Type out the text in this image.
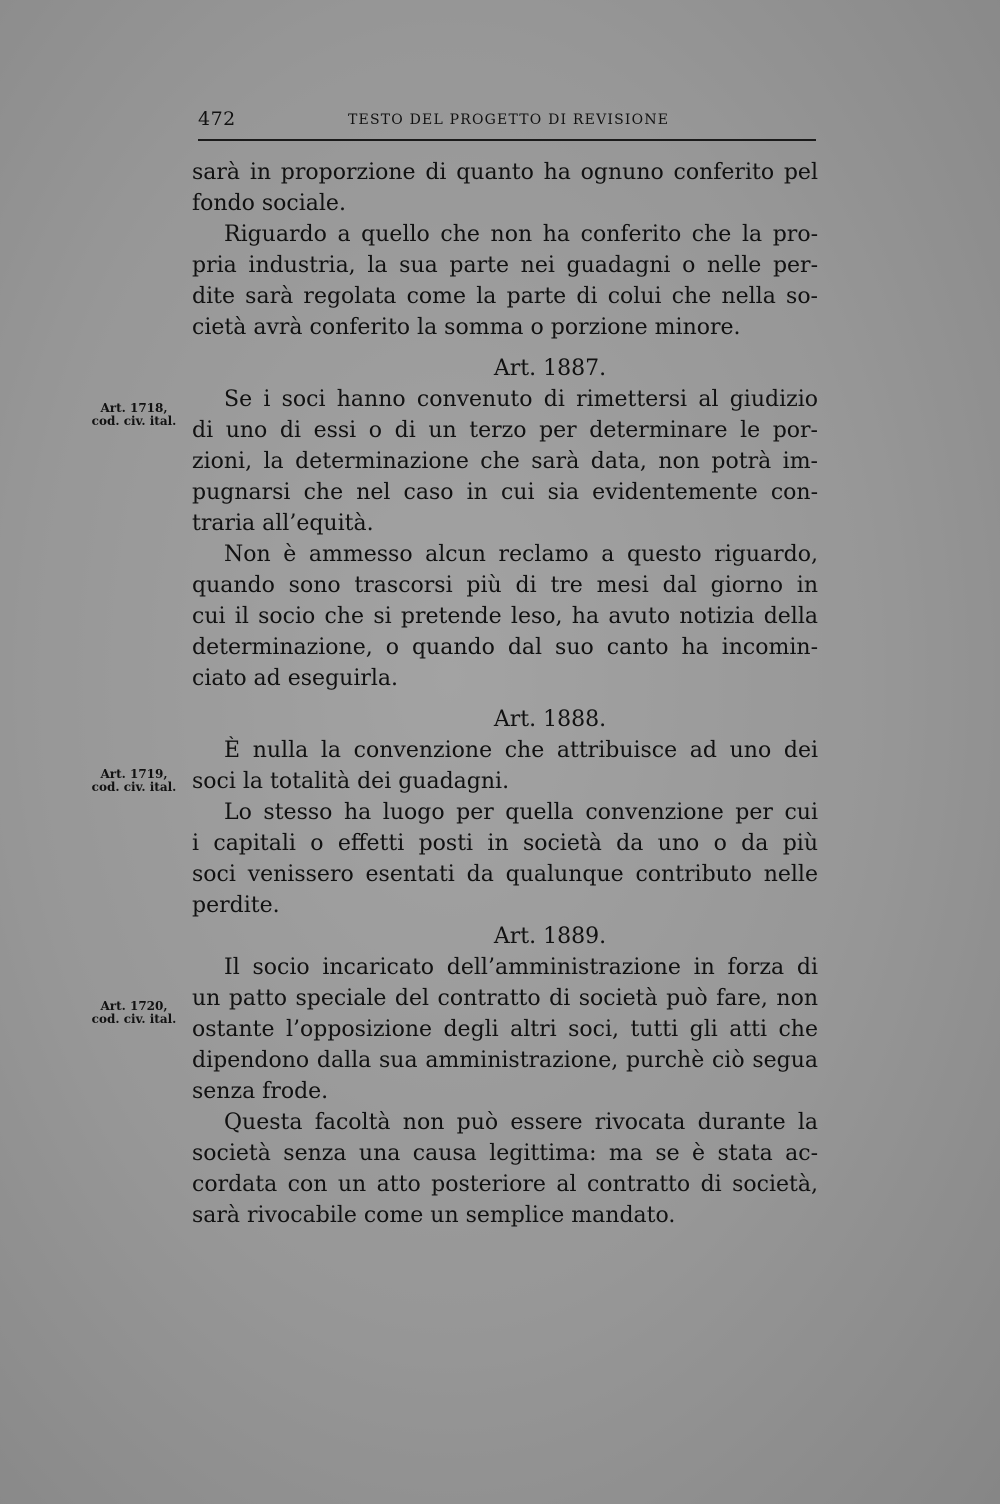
472	TESTO DEL PROGETTO DI REVISIONE
Art. 1718,
cod. civ. ital.
Art. 1719,
cod. civ. ital.
Art. 1720,
cod. civ. ital.
sarà in proporzione di quanto ha ognuno conferito pel
fondo sociale.
Riguardo a quello che non ha conferito che la pro-
pria industria, la sua parte nei guadagni o nelle per-
dite sarà regolata come la parte di colui che nella so-
cietà avrà conferito la somma o porzione minore.
Art. 1887.
Se i soci hanno convenuto di rimettersi al giudizio
di uno di essi o di un terzo per determinare le por-
zioni, la determinazione che sarà data, non potrà im-
pugnarsi che nel caso in cui sia evidentemente con-
traria all’equità.
Non è ammesso alcun reclamo a questo riguardo,
quando sono trascorsi più di tre mesi dal giorno in
cui il socio che si pretende leso, ha avuto notizia della
determinazione, o quando dal suo canto ha incomin-
ciato ad eseguirla.
Art. 1888.
È nulla la convenzione che attribuisce ad uno dei
soci la totalità dei guadagni.
Lo stesso ha luogo per quella convenzione per cui
i capitali o effetti posti in società da uno o da più
soci venissero esentati da qualunque contributo nelle
perdite.
Art. 1889.
Il socio incaricato dell’amministrazione in forza di
un patto speciale del contratto di società può fare, non
ostante l’opposizione degli altri soci, tutti gli atti che
dipendono dalla sua amministrazione, purchè ciò segua
senza frode.
Questa facoltà non può essere rivocata durante la
società senza una causa legittima: ma se è stata ac-
cordata con un atto posteriore al contratto di società,
sarà rivocabile come un semplice mandato.
